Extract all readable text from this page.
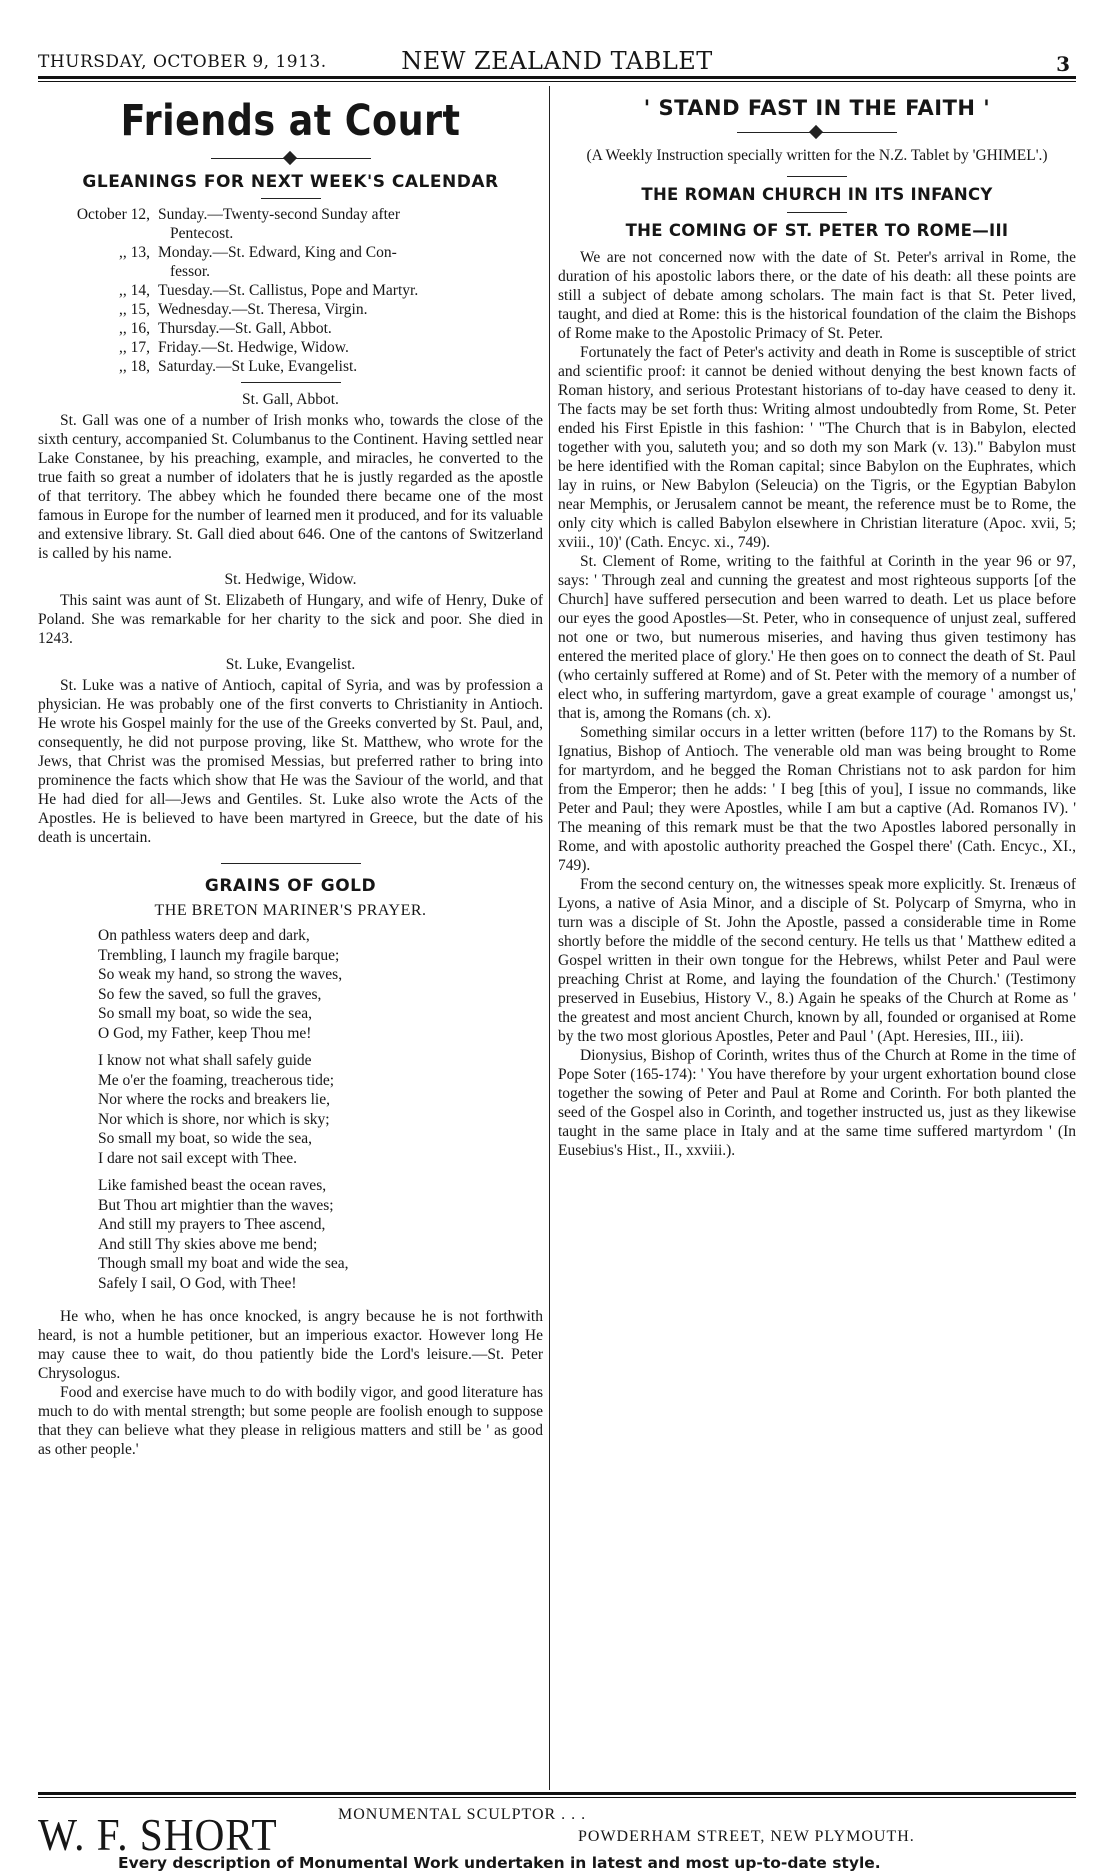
THURSDAY, OCTOBER 9, 1913.	NEW ZEALAND TABLET	3
Friends at Court
GLEANINGS FOR NEXT WEEK'S CALENDAR
October 12, Sunday.—Twenty-second Sunday after
Pentecost.
,, 13, Monday.—St. Edward, King and Con-
fessor.
,, 14, Tuesday.—St. Callistus, Pope and Martyr.
,, 15, Wednesday.—St. Theresa, Virgin.
,, 16, Thursday.—St. Gall, Abbot.
,, 17, Friday.—St. Hedwige, Widow.
,, 18, Saturday.—St Luke, Evangelist.
St. Gall, Abbot.

St. Gall was one of a number of Irish monks who, towards the close of the sixth century, accompanied St. Columbanus to the Continent. Having settled near Lake Constanee, by his preaching, example, and miracles, he converted to the true faith so great a number of idolaters that he is justly regarded as the apostle of that territory. The abbey which he founded there became one of the most famous in Europe for the number of learned men it produced, and for its valuable and extensive library. St. Gall died about 646. One of the cantons of Switzerland is called by his name.

St. Hedwige, Widow.

This saint was aunt of St. Elizabeth of Hungary, and wife of Henry, Duke of Poland. She was remarkable for her charity to the sick and poor. She died in 1243.

St. Luke, Evangelist.

St. Luke was a native of Antioch, capital of Syria, and was by profession a physician. He was probably one of the first converts to Christianity in Antioch. He wrote his Gospel mainly for the use of the Greeks converted by St. Paul, and, consequently, he did not purpose proving, like St. Matthew, who wrote for the Jews, that Christ was the promised Messias, but preferred rather to bring into prominence the facts which show that He was the Saviour of the world, and that He had died for all—Jews and Gentiles. St. Luke also wrote the Acts of the Apostles. He is believed to have been martyred in Greece, but the date of his death is uncertain.

GRAINS OF GOLD
THE BRETON MARINER'S PRAYER.
On pathless waters deep and dark,
Trembling, I launch my fragile barque;
So weak my hand, so strong the waves,
So few the saved, so full the graves,
So small my boat, so wide the sea,
O God, my Father, keep Thou me!
I know not what shall safely guide
Me o'er the foaming, treacherous tide;
Nor where the rocks and breakers lie,
Nor which is shore, nor which is sky;
So small my boat, so wide the sea,
I dare not sail except with Thee.
Like famished beast the ocean raves,
But Thou art mightier than the waves;
And still my prayers to Thee ascend,
And still Thy skies above me bend;
Though small my boat and wide the sea,
Safely I sail, O God, with Thee!

He who, when he has once knocked, is angry because he is not forthwith heard, is not a humble petitioner, but an imperious exactor. However long He may cause thee to wait, do thou patiently bide the Lord's leisure.—St. Peter Chrysologus.

Food and exercise have much to do with bodily vigor, and good literature has much to do with mental strength; but some people are foolish enough to suppose that they can believe what they please in religious matters and still be ' as good as other people.'

' STAND FAST IN THE FAITH '
(A Weekly Instruction specially written for the N.Z. Tablet by 'GHIMEL'.)
THE ROMAN CHURCH IN ITS INFANCY
THE COMING OF ST. PETER TO ROME—III

We are not concerned now with the date of St. Peter's arrival in Rome, the duration of his apostolic labors there, or the date of his death: all these points are still a subject of debate among scholars. The main fact is that St. Peter lived, taught, and died at Rome: this is the historical foundation of the claim the Bishops of Rome make to the Apostolic Primacy of St. Peter.

Fortunately the fact of Peter's activity and death in Rome is susceptible of strict and scientific proof: it cannot be denied without denying the best known facts of Roman history, and serious Protestant historians of to-day have ceased to deny it. The facts may be set forth thus: Writing almost undoubtedly from Rome, St. Peter ended his First Epistle in this fashion: ' "The Church that is in Babylon, elected together with you, saluteth you; and so doth my son Mark (v. 13)." Babylon must be here identified with the Roman capital; since Babylon on the Euphrates, which lay in ruins, or New Babylon (Seleucia) on the Tigris, or the Egyptian Babylon near Memphis, or Jerusalem cannot be meant, the reference must be to Rome, the only city which is called Babylon elsewhere in Christian literature (Apoc. xvii, 5; xviii., 10)' (Cath. Encyc. xi., 749).

St. Clement of Rome, writing to the faithful at Corinth in the year 96 or 97, says: ' Through zeal and cunning the greatest and most righteous supports [of the Church] have suffered persecution and been warred to death. Let us place before our eyes the good Apostles—St. Peter, who in consequence of unjust zeal, suffered not one or two, but numerous miseries, and having thus given testimony has entered the merited place of glory.' He then goes on to connect the death of St. Paul (who certainly suffered at Rome) and of St. Peter with the memory of a number of elect who, in suffering martyrdom, gave a great example of courage ' amongst us,' that is, among the Romans (ch. x).

Something similar occurs in a letter written (before 117) to the Romans by St. Ignatius, Bishop of Antioch. The venerable old man was being brought to Rome for martyrdom, and he begged the Roman Christians not to ask pardon for him from the Emperor; then he adds: ' I beg [this of you], I issue no commands, like Peter and Paul; they were Apostles, while I am but a captive (Ad. Romanos IV). ' The meaning of this remark must be that the two Apostles labored personally in Rome, and with apostolic authority preached the Gospel there' (Cath. Encyc., XI., 749).

From the second century on, the witnesses speak more explicitly. St. Irenæus of Lyons, a native of Asia Minor, and a disciple of St. Polycarp of Smyrna, who in turn was a disciple of St. John the Apostle, passed a considerable time in Rome shortly before the middle of the second century. He tells us that ' Matthew edited a Gospel written in their own tongue for the Hebrews, whilst Peter and Paul were preaching Christ at Rome, and laying the foundation of the Church.' (Testimony preserved in Eusebius, History V., 8.) Again he speaks of the Church at Rome as ' the greatest and most ancient Church, known by all, founded or organised at Rome by the two most glorious Apostles, Peter and Paul ' (Apt. Heresies, III., iii).

Dionysius, Bishop of Corinth, writes thus of the Church at Rome in the time of Pope Soter (165-174): ' You have therefore by your urgent exhortation bound close together the sowing of Peter and Paul at Rome and Corinth. For both planted the seed of the Gospel also in Corinth, and together instructed us, just as they likewise taught in the same place in Italy and at the same time suffered martyrdom ' (In Eusebius's Hist., II., xxviii.).

W. F. SHORT	MONUMENTAL SCULPTOR . . .
POWDERHAM STREET, NEW PLYMOUTH.
Every description of Monumental Work undertaken in latest and most up-to-date style.
